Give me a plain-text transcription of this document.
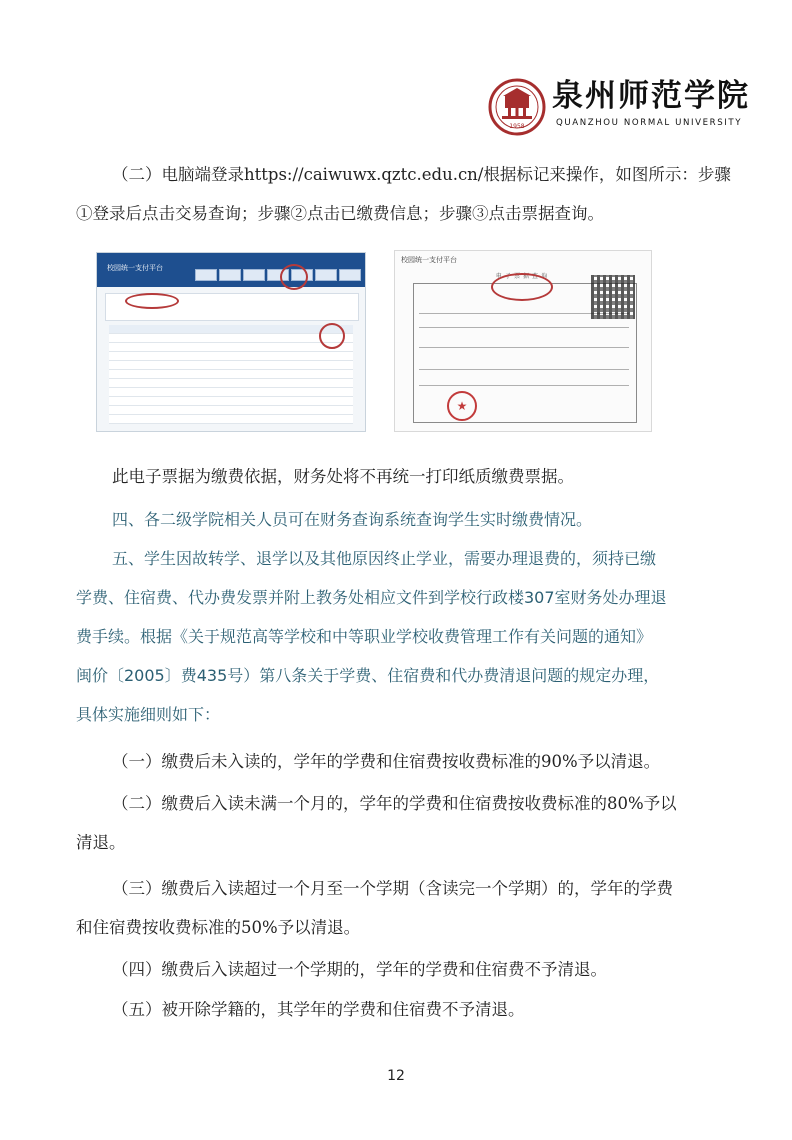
1958
泉州师范学院
QUANZHOU NORMAL UNIVERSITY
（二）电脑端登录https://caiwuwx.qztc.edu.cn/根据标记来操作，如图所示：步骤
①登录后点击交易查询；步骤②点击已缴费信息；步骤③点击票据查询。
校园统一支付平台
校园统一支付平台
电子票据查询
★
此电子票据为缴费依据，财务处将不再统一打印纸质缴费票据。
四、各二级学院相关人员可在财务查询系统查询学生实时缴费情况。
五、学生因故转学、退学以及其他原因终止学业，需要办理退费的，须持已缴
学费、住宿费、代办费发票并附上教务处相应文件到学校行政楼307室财务处办理退
费手续。根据《关于规范高等学校和中等职业学校收费管理工作有关问题的通知》
闽价〔2005〕费435号）第八条关于学费、住宿费和代办费清退问题的规定办理，
具体实施细则如下：
（一）缴费后未入读的，学年的学费和住宿费按收费标准的90%予以清退。
（二）缴费后入读未满一个月的，学年的学费和住宿费按收费标准的80%予以
清退。
（三）缴费后入读超过一个月至一个学期（含读完一个学期）的，学年的学费
和住宿费按收费标准的50%予以清退。
（四）缴费后入读超过一个学期的，学年的学费和住宿费不予清退。
（五）被开除学籍的，其学年的学费和住宿费不予清退。
12
